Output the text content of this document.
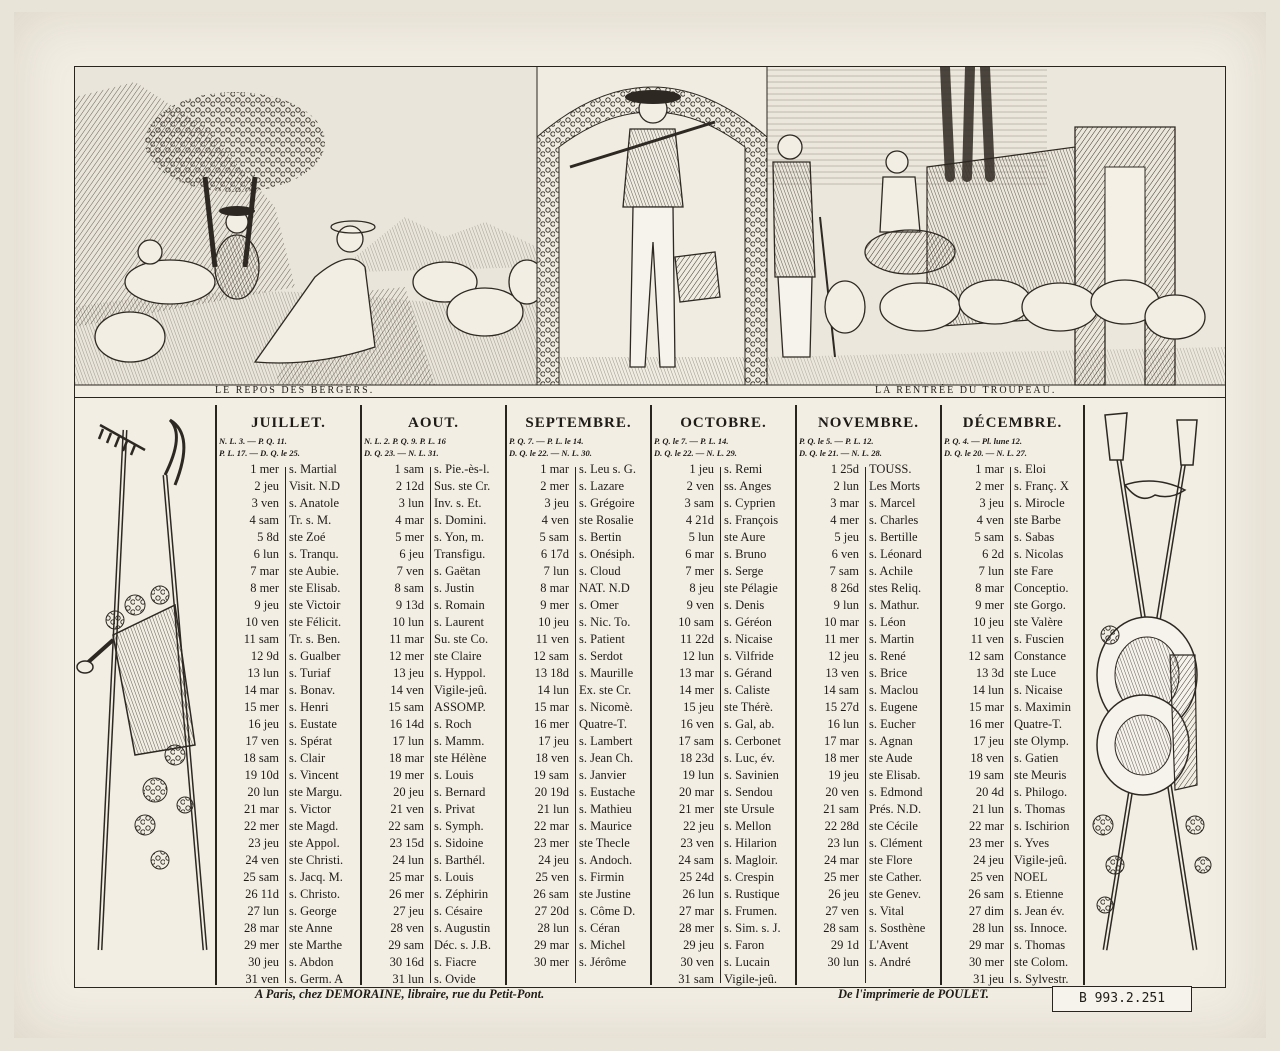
LE REPOS DES BERGERS.	LA RENTRÉE DU TROUPEAU.
JUILLET.
N. L. 3. — P. Q. 11.
P. L. 17. — D. Q. le 25.
1 mer s. Martial
2 jeu Visit. N.D
3 ven s. Anatole
4 sam Tr. s. M.
5 8d ste Zoé
6 lun s. Tranqu.
7 mar ste Aubie.
8 mer ste Elisab.
9 jeu ste Victoir
10 ven ste Félicit.
11 sam Tr. s. Ben.
12 9d s. Gualber
13 lun s. Turiaf
14 mar s. Bonav.
15 mer s. Henri
16 jeu s. Eustate
17 ven s. Spérat
18 sam s. Clair
19 10d s. Vincent
20 lun ste Margu.
21 mar s. Victor
22 mer ste Magd.
23 jeu ste Appol.
24 ven ste Christi.
25 sam s. Jacq. M.
26 11d s. Christo.
27 lun s. George
28 mar ste Anne
29 mer ste Marthe
30 jeu s. Abdon
31 ven s. Germ. A
AOUT.
N. L. 2. P. Q. 9. P. L. 16
D. Q. 23. — N. L. 31.
1 sam s. Pie.-ès-l.
2 12d Sus. ste Cr.
3 lun Inv. s. Et.
4 mar s. Domini.
5 mer s. Yon, m.
6 jeu Transfigu.
7 ven s. Gaëtan
8 sam s. Justin
9 13d s. Romain
10 lun s. Laurent
11 mar Su. ste Co.
12 mer ste Claire
13 jeu s. Hyppol.
14 ven Vigile-jeû.
15 sam ASSOMP.
16 14d s. Roch
17 lun s. Mamm.
18 mar ste Hélène
19 mer s. Louis
20 jeu s. Bernard
21 ven s. Privat
22 sam s. Symph.
23 15d s. Sidoine
24 lun s. Barthél.
25 mar s. Louis
26 mer s. Zéphirin
27 jeu s. Césaire
28 ven s. Augustin
29 sam Déc. s. J.B.
30 16d s. Fiacre
31 lun s. Ovide
SEPTEMBRE.
P. Q. 7. — P. L. le 14.
D. Q. le 22. — N. L. 30.
1 mar s. Leu s. G.
2 mer s. Lazare
3 jeu s. Grégoire
4 ven ste Rosalie
5 sam s. Bertin
6 17d s. Onésiph.
7 lun s. Cloud
8 mar NAT. N.D
9 mer s. Omer
10 jeu s. Nic. To.
11 ven s. Patient
12 sam s. Serdot
13 18d s. Maurille
14 lun Ex. ste Cr.
15 mar s. Nicomè.
16 mer Quatre-T.
17 jeu s. Lambert
18 ven s. Jean Ch.
19 sam s. Janvier
20 19d s. Eustache
21 lun s. Mathieu
22 mar s. Maurice
23 mer ste Thecle
24 jeu s. Andoch.
25 ven s. Firmin
26 sam ste Justine
27 20d s. Côme D.
28 lun s. Céran
29 mar s. Michel
30 mer s. Jérôme
OCTOBRE.
P. Q. le 7. — P. L. 14.
D. Q. le 22. — N. L. 29.
1 jeu s. Remi
2 ven ss. Anges
3 sam s. Cyprien
4 21d s. François
5 lun ste Aure
6 mar s. Bruno
7 mer s. Serge
8 jeu ste Pélagie
9 ven s. Denis
10 sam s. Géréon
11 22d s. Nicaise
12 lun s. Vilfride
13 mar s. Gérand
14 mer s. Caliste
15 jeu ste Thérè.
16 ven s. Gal, ab.
17 sam s. Cerbonet
18 23d s. Luc, év.
19 lun s. Savinien
20 mar s. Sendou
21 mer ste Ursule
22 jeu s. Mellon
23 ven s. Hilarion
24 sam s. Magloir.
25 24d s. Crespin
26 lun s. Rustique
27 mar s. Frumen.
28 mer s. Sim. s. J.
29 jeu s. Faron
30 ven s. Lucain
31 sam Vigile-jeû.
NOVEMBRE.
P. Q. le 5. — P. L. 12.
D. Q. le 21. — N. L. 28.
1 25d TOUSS.
2 lun Les Morts
3 mar s. Marcel
4 mer s. Charles
5 jeu s. Bertille
6 ven s. Léonard
7 sam s. Achile
8 26d stes Reliq.
9 lun s. Mathur.
10 mar s. Léon
11 mer s. Martin
12 jeu s. René
13 ven s. Brice
14 sam s. Maclou
15 27d s. Eugene
16 lun s. Eucher
17 mar s. Agnan
18 mer ste Aude
19 jeu ste Elisab.
20 ven s. Edmond
21 sam Prés. N.D.
22 28d ste Cécile
23 lun s. Clément
24 mar ste Flore
25 mer ste Cather.
26 jeu ste Genev.
27 ven s. Vital
28 sam s. Sosthène
29 1d L'Avent
30 lun s. André
DÉCEMBRE.
P. Q. 4. — Pl. lune 12.
D. Q. le 20. — N. L. 27.
1 mar s. Eloi
2 mer s. Franç. X
3 jeu s. Mirocle
4 ven ste Barbe
5 sam s. Sabas
6 2d s. Nicolas
7 lun ste Fare
8 mar Conceptio.
9 mer ste Gorgo.
10 jeu ste Valère
11 ven s. Fuscien
12 sam Constance
13 3d ste Luce
14 lun s. Nicaise
15 mar s. Maximin
16 mer Quatre-T.
17 jeu ste Olymp.
18 ven s. Gatien
19 sam ste Meuris
20 4d s. Philogo.
21 lun s. Thomas
22 mar s. Ischirion
23 mer s. Yves
24 jeu Vigile-jeû.
25 ven NOEL
26 sam s. Etienne
27 dim s. Jean év.
28 lun ss. Innoce.
29 mar s. Thomas
30 mer ste Colom.
31 jeu s. Sylvestr.
A Paris, chez DEMORAINE, libraire, rue du Petit-Pont.	De l'imprimerie de POULET.	B 993.2.251
